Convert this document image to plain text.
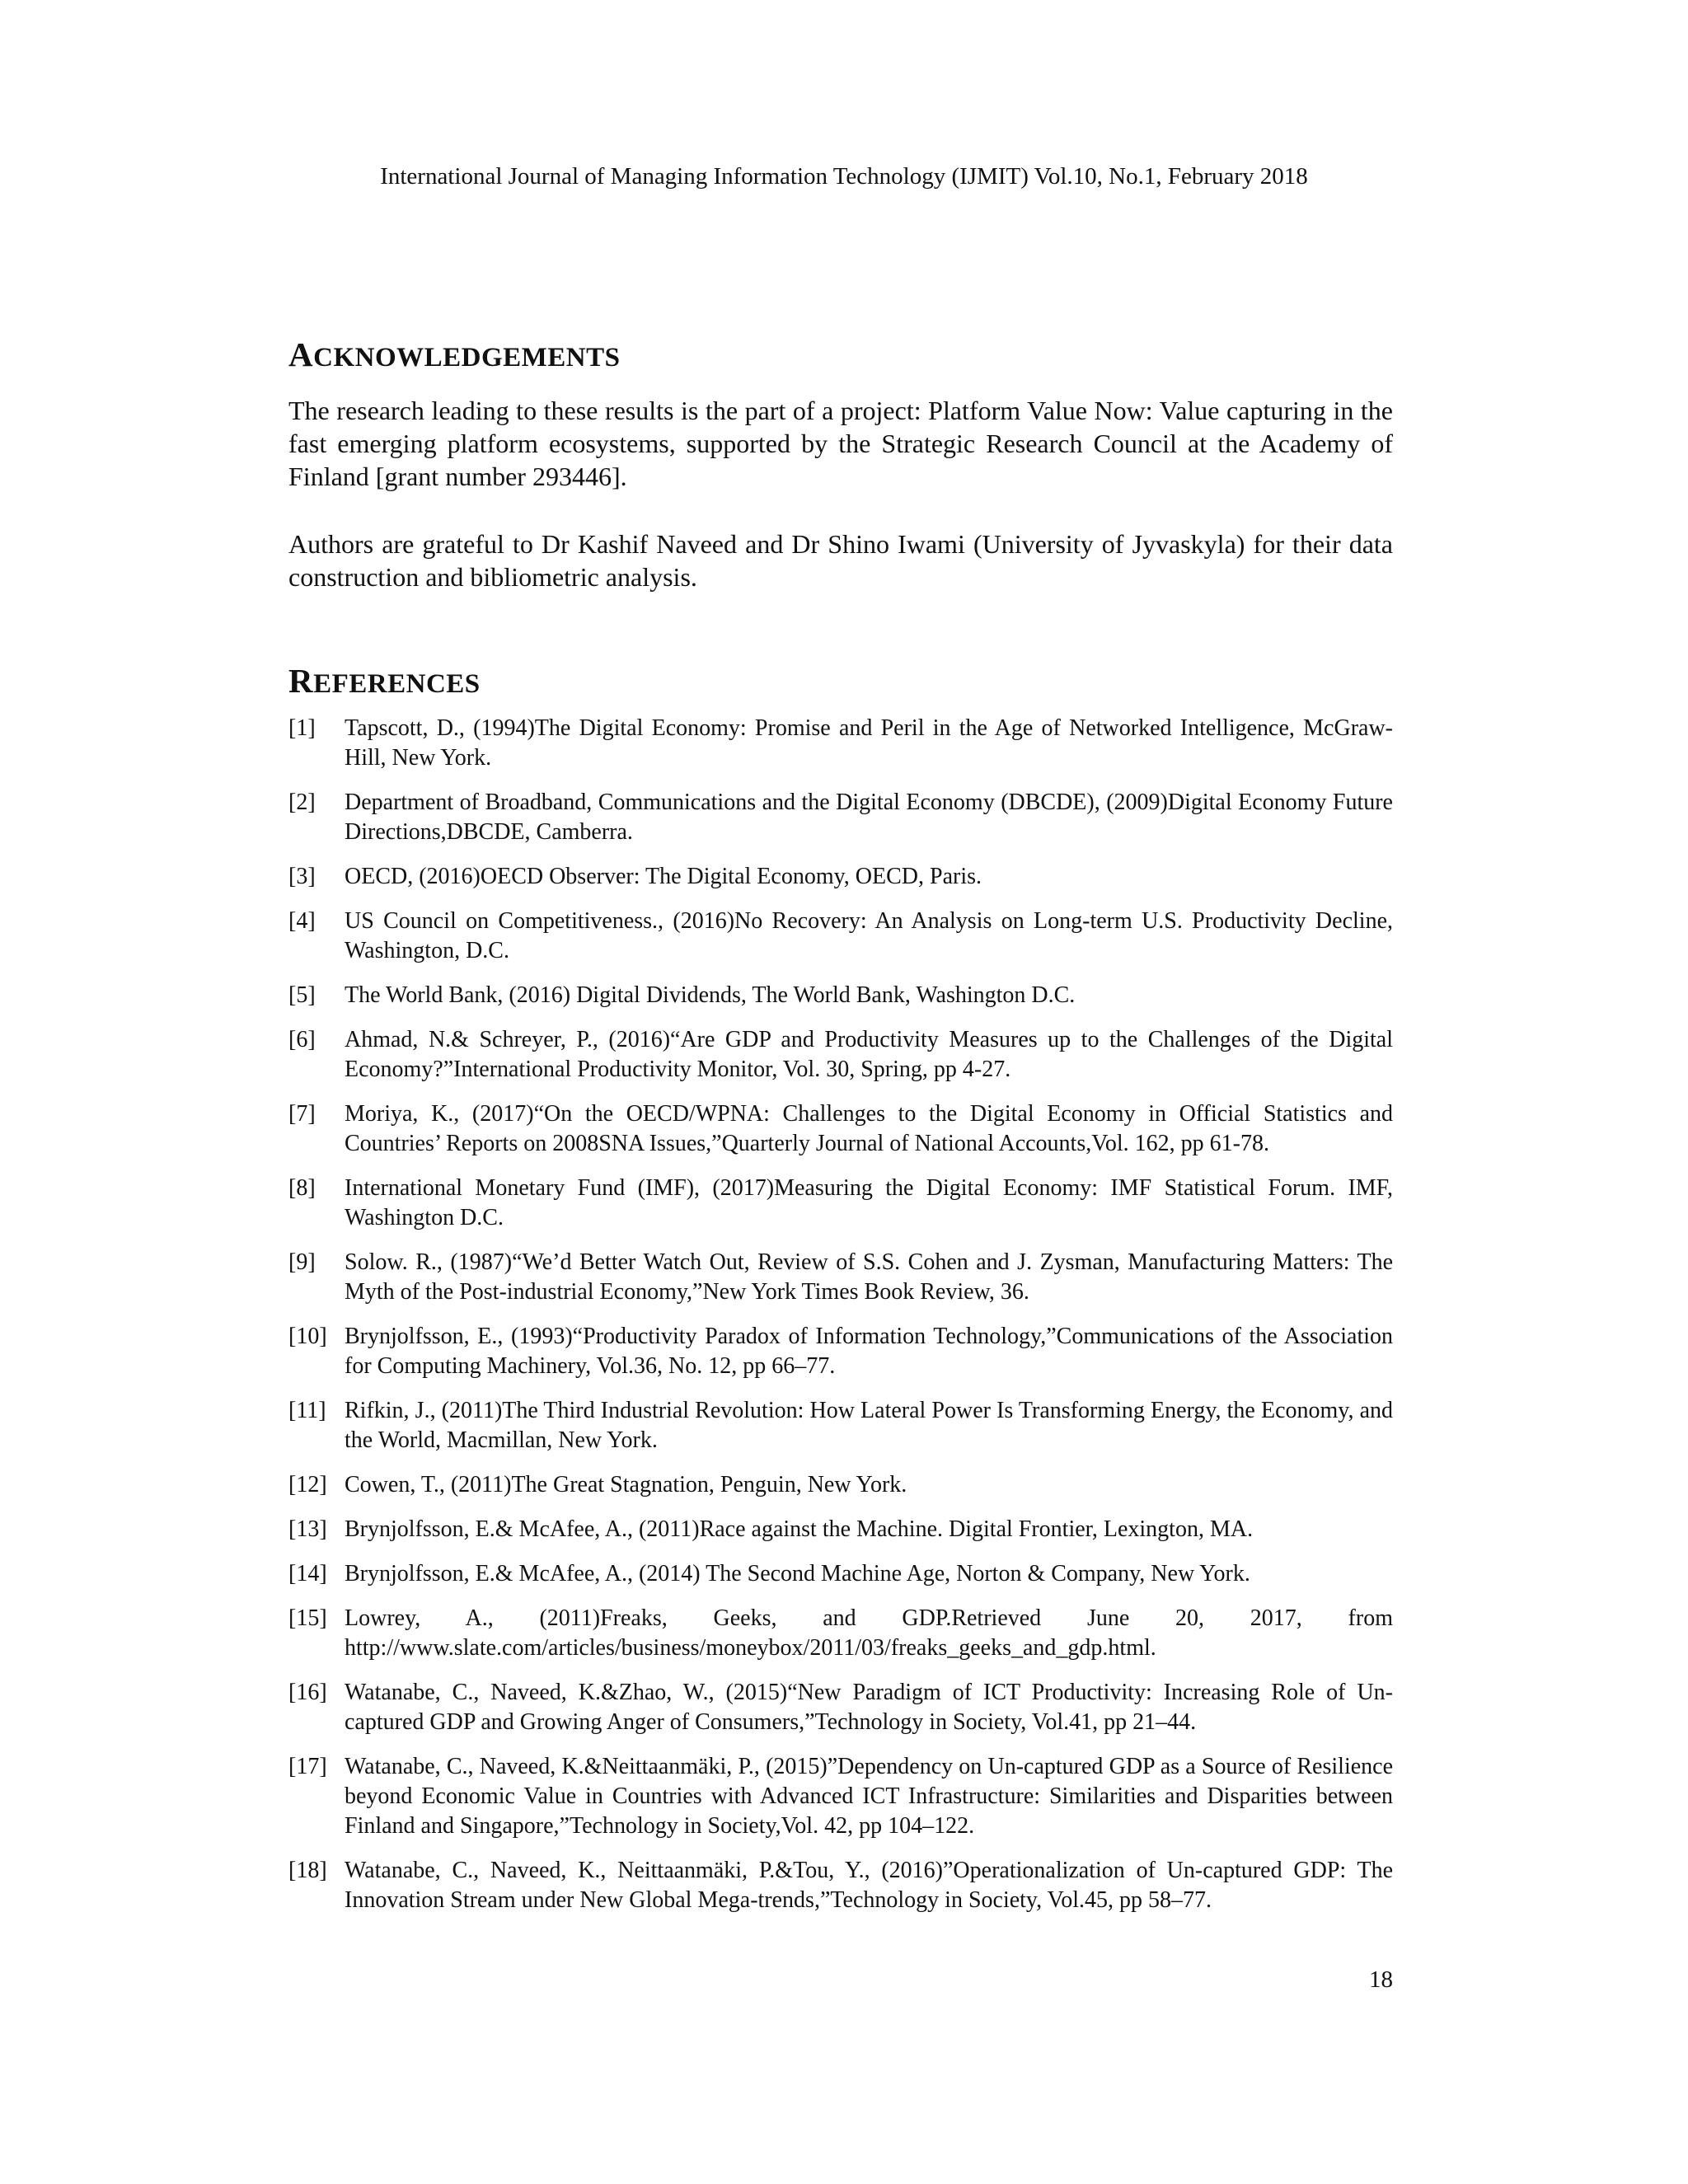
International Journal of Managing Information Technology (IJMIT) Vol.10, No.1, February 2018
ACKNOWLEDGEMENTS

The research leading to these results is the part of a project: Platform Value Now: Value capturing in the fast emerging platform ecosystems, supported by the Strategic Research Council at the Academy of Finland [grant number 293446].

Authors are grateful to Dr Kashif Naveed and Dr Shino Iwami (University of Jyvaskyla) for their data construction and bibliometric analysis.

REFERENCES
[1] Tapscott, D., (1994)The Digital Economy: Promise and Peril in the Age of Networked Intelligence, McGraw-Hill, New York.
[2] Department of Broadband, Communications and the Digital Economy (DBCDE), (2009)Digital Economy Future Directions,DBCDE, Camberra.
[3] OECD, (2016)OECD Observer: The Digital Economy, OECD, Paris.
[4] US Council on Competitiveness., (2016)No Recovery: An Analysis on Long-term U.S. Productivity Decline, Washington, D.C.
[5] The World Bank, (2016) Digital Dividends, The World Bank, Washington D.C.
[6] Ahmad, N.& Schreyer, P., (2016)“Are GDP and Productivity Measures up to the Challenges of the Digital Economy?”International Productivity Monitor, Vol. 30, Spring, pp 4-27.
[7] Moriya, K., (2017)“On the OECD/WPNA: Challenges to the Digital Economy in Official Statistics and Countries’ Reports on 2008SNA Issues,”Quarterly Journal of National Accounts,Vol. 162, pp 61-78.
[8] International Monetary Fund (IMF), (2017)Measuring the Digital Economy: IMF Statistical Forum. IMF, Washington D.C.
[9] Solow. R., (1987)“We’d Better Watch Out, Review of S.S. Cohen and J. Zysman, Manufacturing Matters: The Myth of the Post-industrial Economy,”New York Times Book Review, 36.
[10] Brynjolfsson, E., (1993)“Productivity Paradox of Information Technology,”Communications of the Association for Computing Machinery, Vol.36, No. 12, pp 66–77.
[11] Rifkin, J., (2011)The Third Industrial Revolution: How Lateral Power Is Transforming Energy, the Economy, and the World, Macmillan, New York.
[12] Cowen, T., (2011)The Great Stagnation, Penguin, New York.
[13] Brynjolfsson, E.& McAfee, A., (2011)Race against the Machine. Digital Frontier, Lexington, MA.
[14] Brynjolfsson, E.& McAfee, A., (2014) The Second Machine Age, Norton & Company, New York.
[15] Lowrey, A., (2011)Freaks, Geeks, and GDP.Retrieved June 20, 2017, from http://www.slate.com/articles/business/moneybox/2011/03/freaks_geeks_and_gdp.html.
[16] Watanabe, C., Naveed, K.&Zhao, W., (2015)“New Paradigm of ICT Productivity: Increasing Role of Un-captured GDP and Growing Anger of Consumers,”Technology in Society, Vol.41, pp 21–44.
[17] Watanabe, C., Naveed, K.&Neittaanmäki, P., (2015)”Dependency on Un-captured GDP as a Source of Resilience beyond Economic Value in Countries with Advanced ICT Infrastructure: Similarities and Disparities between Finland and Singapore,”Technology in Society,Vol. 42, pp 104–122.
[18] Watanabe, C., Naveed, K., Neittaanmäki, P.&Tou, Y., (2016)”Operationalization of Un-captured GDP: The Innovation Stream under New Global Mega-trends,”Technology in Society, Vol.45, pp 58–77.
18
